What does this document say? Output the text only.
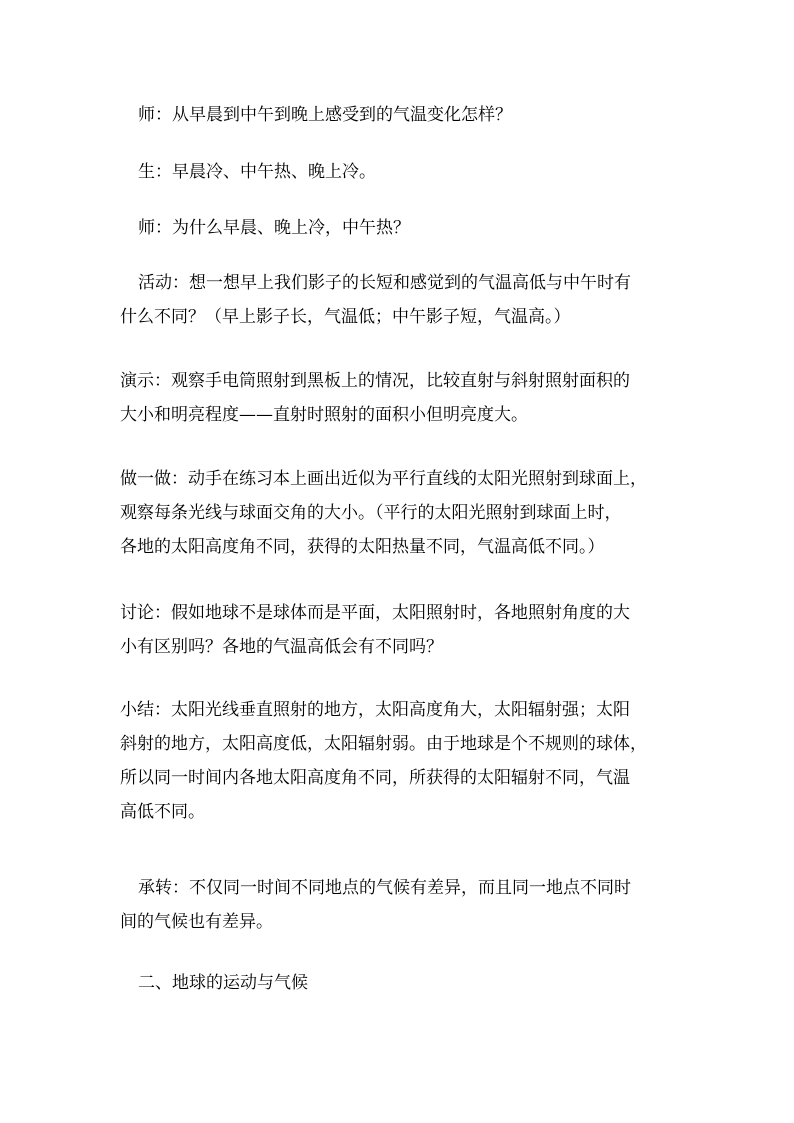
师：从早晨到中午到晚上感受到的气温变化怎样？

生：早晨冷、中午热、晚上冷。

师：为什么早晨、晚上冷，中午热？

活动：想一想早上我们影子的长短和感觉到的气温高低与中午时有
什么不同？（早上影子长，气温低；中午影子短，气温高。）

演示：观察手电筒照射到黑板上的情况，比较直射与斜射照射面积的
大小和明亮程度——直射时照射的面积小但明亮度大。

做一做：动手在练习本上画出近似为平行直线的太阳光照射到球面上，
观察每条光线与球面交角的大小。（平行的太阳光照射到球面上时，
各地的太阳高度角不同，获得的太阳热量不同，气温高低不同。）

讨论：假如地球不是球体而是平面，太阳照射时，各地照射角度的大
小有区别吗？各地的气温高低会有不同吗？

小结：太阳光线垂直照射的地方，太阳高度角大，太阳辐射强；太阳
斜射的地方，太阳高度低，太阳辐射弱。由于地球是个不规则的球体，
所以同一时间内各地太阳高度角不同，所获得的太阳辐射不同，气温
高低不同。

承转：不仅同一时间不同地点的气候有差异，而且同一地点不同时
间的气候也有差异。

二、地球的运动与气候
